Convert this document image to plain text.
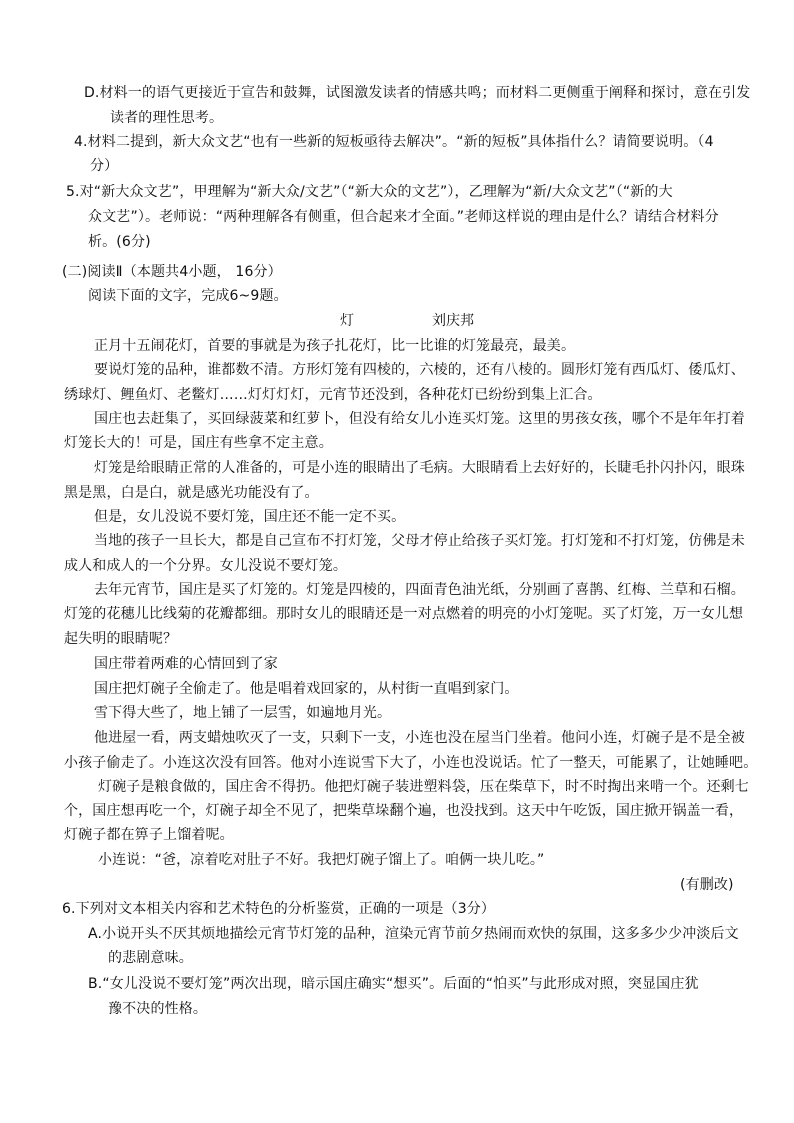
D.材料一的语气更接近于宣告和鼓舞，试图激发读者的情感共鸣；而材料二更侧重于阐释和探讨，意在引发
读者的理性思考。
4.材料二提到，新大众文艺“也有一些新的短板亟待去解决”。“新的短板”具体指什么？请简要说明。（4
分）
5.对“新大众文艺”，甲理解为“新大众/文艺”（“新大众的文艺”），乙理解为“新/大众文艺”（“新的大
众文艺”）。老师说：“两种理解各有侧重，但合起来才全面。”老师这样说的理由是什么？请结合材料分
析。(6分)
(二)阅读Ⅱ（本题共4小题， 16分）
阅读下面的文字，完成6~9题。
灯	刘庆邦
正月十五闹花灯，首要的事就是为孩子扎花灯，比一比谁的灯笼最亮，最美。
要说灯笼的品种，谁都数不清。方形灯笼有四棱的，六棱的，还有八棱的。圆形灯笼有西瓜灯、倭瓜灯、
绣球灯、鲤鱼灯、老鳖灯……灯灯灯灯，元宵节还没到，各种花灯已纷纷到集上汇合。
国庄也去赶集了，买回绿菠菜和红萝卜，但没有给女儿小连买灯笼。这里的男孩女孩，哪个不是年年打着
灯笼长大的！可是，国庄有些拿不定主意。
灯笼是给眼睛正常的人准备的，可是小连的眼睛出了毛病。大眼睛看上去好好的，长睫毛扑闪扑闪，眼珠
黑是黑，白是白，就是感光功能没有了。
但是，女儿没说不要灯笼，国庄还不能一定不买。
当地的孩子一旦长大，都是自己宣布不打灯笼，父母才停止给孩子买灯笼。打灯笼和不打灯笼，仿佛是未
成人和成人的一个分界。女儿没说不要灯笼。
去年元宵节，国庄是买了灯笼的。灯笼是四棱的，四面青色油光纸，分别画了喜鹊、红梅、兰草和石榴。
灯笼的花穗儿比线菊的花瓣都细。那时女儿的眼睛还是一对点燃着的明亮的小灯笼呢。买了灯笼，万一女儿想
起失明的眼睛呢？
国庄带着两难的心情回到了家
国庄把灯碗子全偷走了。他是唱着戏回家的，从村街一直唱到家门。
雪下得大些了，地上铺了一层雪，如遍地月光。
他进屋一看，两支蜡烛吹灭了一支，只剩下一支，小连也没在屋当门坐着。他问小连，灯碗子是不是全被
小孩子偷走了。小连这次没有回答。他对小连说雪下大了，小连也没说话。忙了一整天，可能累了，让她睡吧。
灯碗子是粮食做的，国庄舍不得扔。他把灯碗子装进塑料袋，压在柴草下，时不时掏出来啃一个。还剩七
个，国庄想再吃一个，灯碗子却全不见了，把柴草垛翻个遍，也没找到。这天中午吃饭，国庄掀开锅盖一看，
灯碗子都在箅子上馏着呢。
小连说：“爸，凉着吃对肚子不好。我把灯碗子馏上了。咱俩一块儿吃。”
(有删改)
6.下列对文本相关内容和艺术特色的分析鉴赏，正确的一项是（3分）
A.小说开头不厌其烦地描绘元宵节灯笼的品种，渲染元宵节前夕热闹而欢快的氛围，这多多少少冲淡后文
的悲剧意味。
B.“女儿没说不要灯笼”两次出现，暗示国庄确实“想买”。后面的“怕买”与此形成对照，突显国庄犹
豫不决的性格。
